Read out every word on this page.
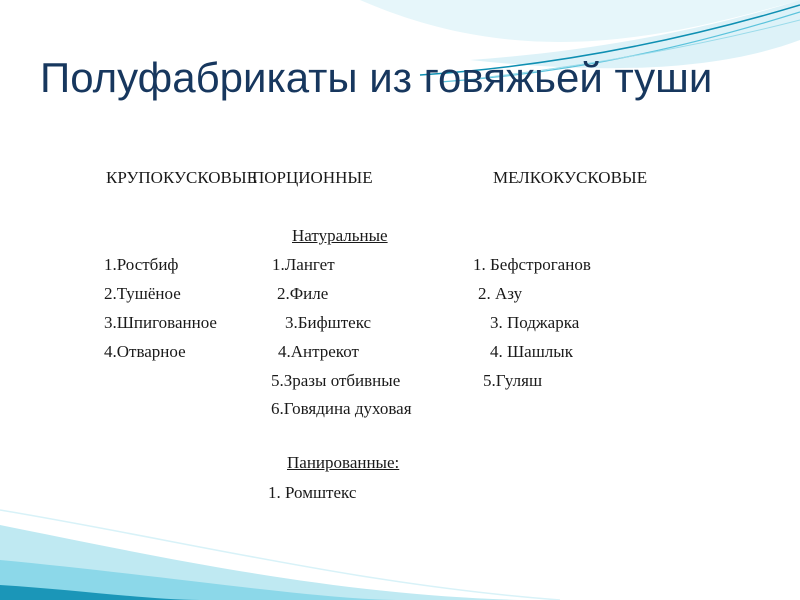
Полуфабрикаты из говяжьей туши
КРУПОКУСКОВЫЕ
ПОРЦИОННЫЕ	МЕЛКОКУСКОВЫЕ
Натуральные
1.Ростбиф
2.Тушёное
3.Шпигованное
4.Отварное
1.Лангет
2.Филе
3.Бифштекс
4.Антрекот
5.Зразы отбивные
6.Говядина духовая
1. Бефстроганов
2. Азу
3. Поджарка
4. Шашлык
5.Гуляш
Панированные:
1. Ромштекс
